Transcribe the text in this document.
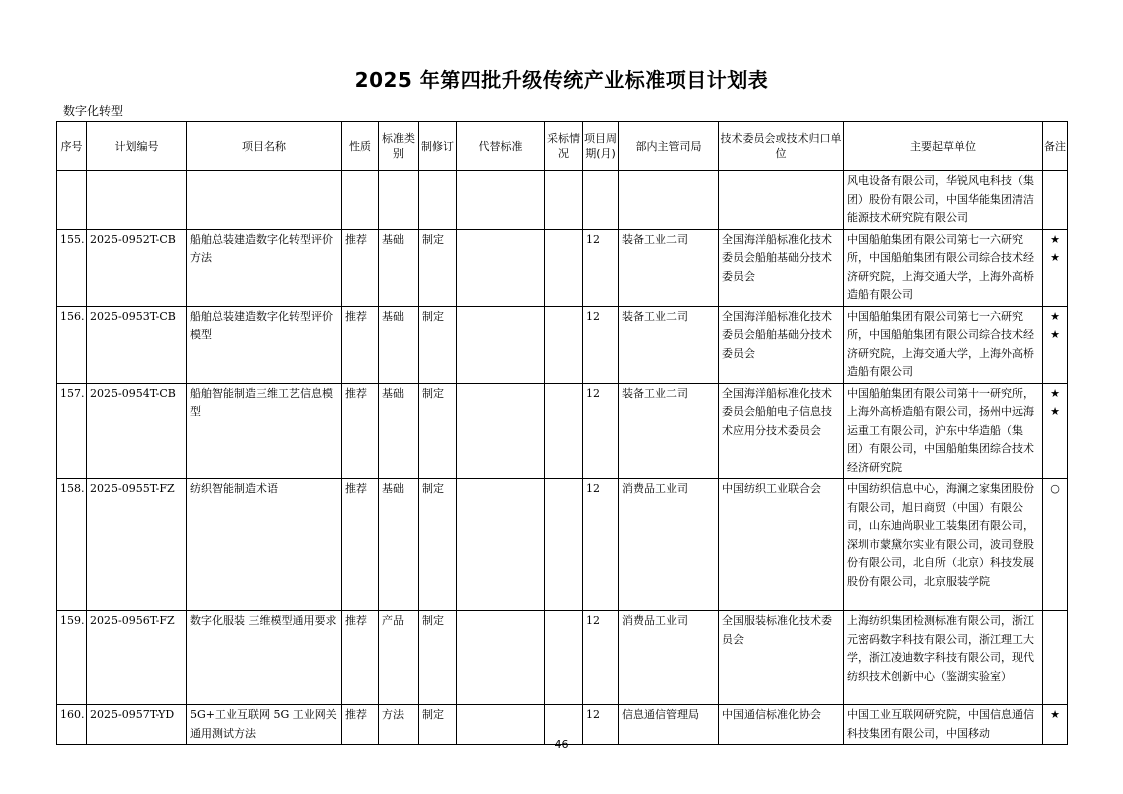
2025 年第四批升级传统产业标准项目计划表
数字化转型
序号	计划编号	项目名称	性质	标准类别	制修订	代替标准	采标情况	项目周期(月)	部内主管司局	技术委员会或技术归口单位	主要起草单位	备注
											风电设备有限公司，华锐风电科技（集团）股份有限公司，中国华能集团清洁能源技术研究院有限公司	
155.	2025-0952T-CB	船舶总装建造数字化转型评价方法	推荐	基础	制定			12	装备工业二司	全国海洋船标准化技术委员会船舶基础分技术委员会	中国船舶集团有限公司第七一六研究所，中国船舶集团有限公司综合技术经济研究院，上海交通大学，上海外高桥造船有限公司	★ ★
156.	2025-0953T-CB	船舶总装建造数字化转型评价模型	推荐	基础	制定			12	装备工业二司	全国海洋船标准化技术委员会船舶基础分技术委员会	中国船舶集团有限公司第七一六研究所，中国船舶集团有限公司综合技术经济研究院，上海交通大学，上海外高桥造船有限公司	★ ★
157.	2025-0954T-CB	船舶智能制造三维工艺信息模型	推荐	基础	制定			12	装备工业二司	全国海洋船标准化技术委员会船舶电子信息技术应用分技术委员会	中国船舶集团有限公司第十一研究所，上海外高桥造船有限公司，扬州中远海运重工有限公司，沪东中华造船（集团）有限公司，中国船舶集团综合技术经济研究院	★ ★
158.	2025-0955T-FZ	纺织智能制造术语	推荐	基础	制定			12	消费品工业司	中国纺织工业联合会	中国纺织信息中心，海澜之家集团股份有限公司，旭日商贸（中国）有限公司，山东迪尚职业工装集团有限公司，深圳市蒙黛尔实业有限公司，波司登股份有限公司，北自所（北京）科技发展股份有限公司，北京服装学院	○
159.	2025-0956T-FZ	数字化服装 三维模型通用要求	推荐	产品	制定			12	消费品工业司	全国服装标准化技术委员会	上海纺织集团检测标准有限公司，浙江元密码数字科技有限公司，浙江理工大学，浙江凌迪数字科技有限公司，现代纺织技术创新中心（鉴湖实验室）	
160.	2025-0957T-YD	5G+工业互联网 5G 工业网关通用测试方法	推荐	方法	制定			12	信息通信管理局	中国通信标准化协会	中国工业互联网研究院，中国信息通信科技集团有限公司，中国移动	★
46
